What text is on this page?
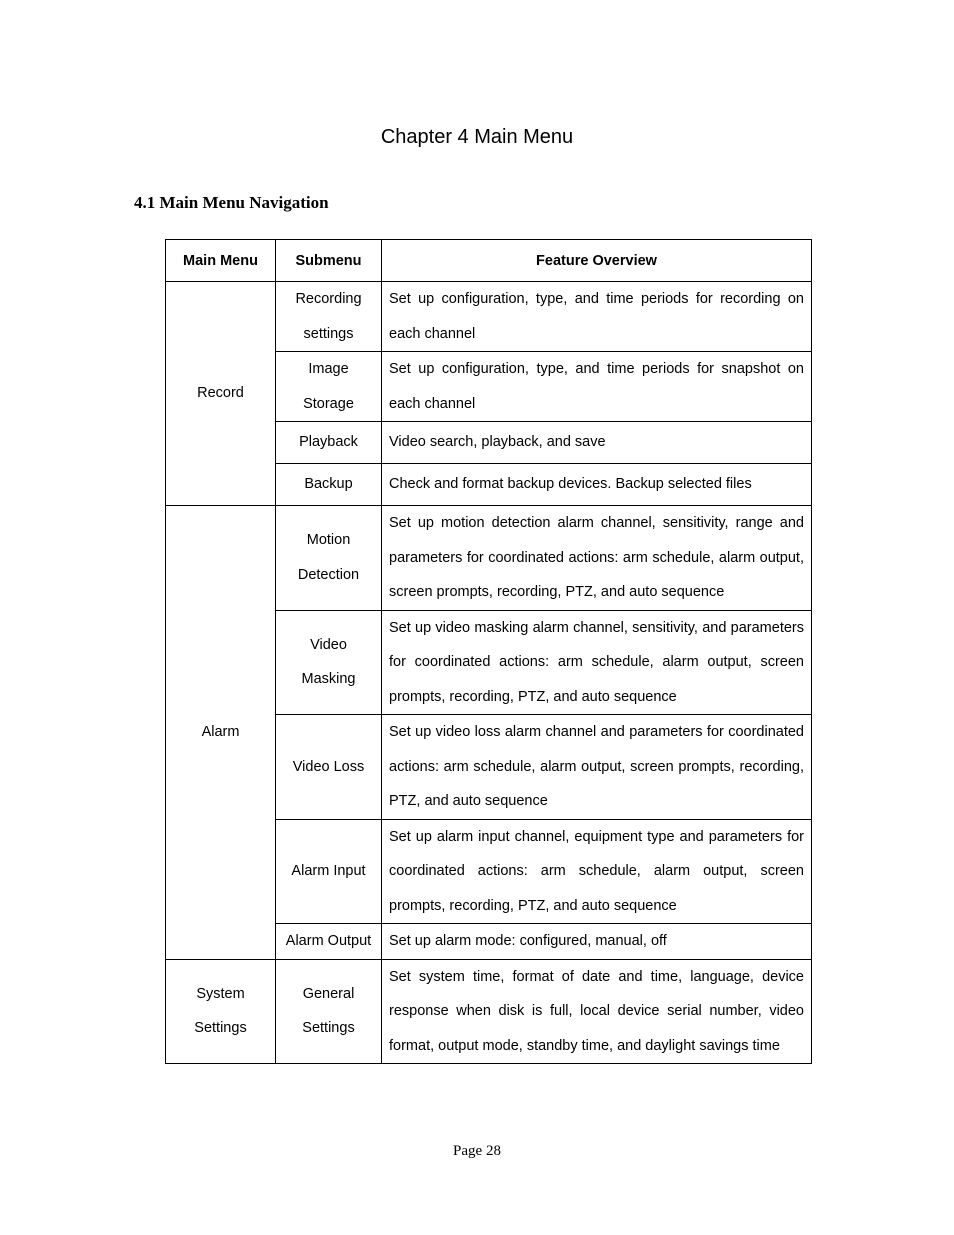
Chapter 4 Main Menu
4.1 Main Menu Navigation
Main Menu	Submenu	Feature Overview
Record	Recording settings	Set up configuration, type, and time periods for recording on each channel
	Image Storage	Set up configuration, type, and time periods for snapshot on each channel
	Playback	Video search, playback, and save
	Backup	Check and format backup devices. Backup selected files
Alarm	Motion Detection	Set up motion detection alarm channel, sensitivity, range and parameters for coordinated actions: arm schedule, alarm output, screen prompts, recording, PTZ, and auto sequence
	Video Masking	Set up video masking alarm channel, sensitivity, and parameters for coordinated actions: arm schedule, alarm output, screen prompts, recording, PTZ, and auto sequence
	Video Loss	Set up video loss alarm channel and parameters for coordinated actions: arm schedule, alarm output, screen prompts, recording, PTZ, and auto sequence
	Alarm Input	Set up alarm input channel, equipment type and parameters for coordinated actions: arm schedule, alarm output, screen prompts, recording, PTZ, and auto sequence
	Alarm Output	Set up alarm mode: configured, manual, off
System Settings	General Settings	Set system time, format of date and time, language, device response when disk is full, local device serial number, video format, output mode, standby time, and daylight savings time
Page 28
